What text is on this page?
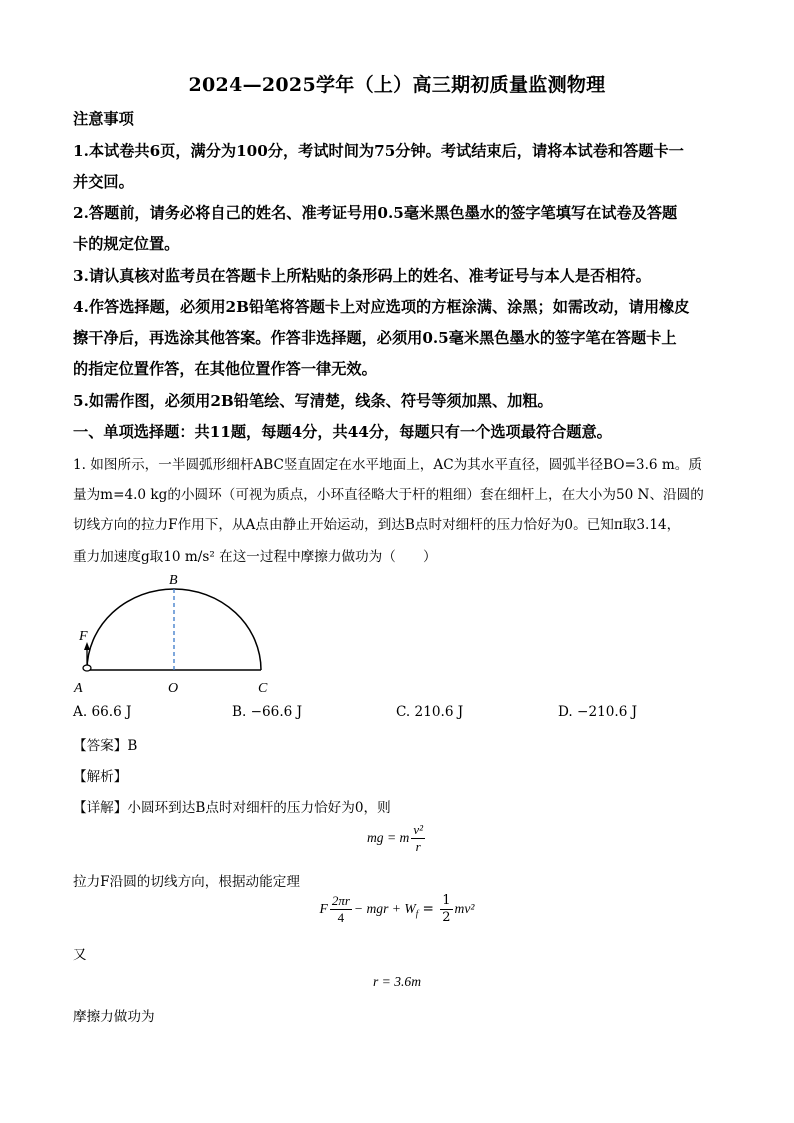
2024—2025学年（上）高三期初质量监测物理
注意事项
1.本试卷共6页，满分为100分，考试时间为75分钟。考试结束后，请将本试卷和答题卡一
并交回。
2.答题前，请务必将自己的姓名、准考证号用0.5毫米黑色墨水的签字笔填写在试卷及答题
卡的规定位置。
3.请认真核对监考员在答题卡上所粘贴的条形码上的姓名、准考证号与本人是否相符。
4.作答选择题，必须用2B铅笔将答题卡上对应选项的方框涂满、涂黑；如需改动，请用橡皮
擦干净后，再选涂其他答案。作答非选择题，必须用0.5毫米黑色墨水的签字笔在答题卡上
的指定位置作答，在其他位置作答一律无效。
5.如需作图，必须用2B铅笔绘、写清楚，线条、符号等须加黑、加粗。
一、单项选择题：共11题，每题4分，共44分，每题只有一个选项最符合题意。
1. 如图所示，一半圆弧形细杆ABC竖直固定在水平地面上，AC为其水平直径，圆弧半径BO=3.6 m。质
量为m=4.0 kg的小圆环（可视为质点，小环直径略大于杆的粗细）套在细杆上，在大小为50 N、沿圆的
切线方向的拉力F作用下，从A点由静止开始运动，到达B点时对细杆的压力恰好为0。已知π取3.14，
重力加速度g取10 m/s² 在这一过程中摩擦力做功为（　　）
F
B
A	O	C
A. 66.6 J	B. −66.6 J	C. 210.6 J	D. −210.6 J
【答案】B
【解析】
【详解】小圆环到达B点时对细杆的压力恰好为0，则
mg = m $\frac{\text{v²}}{r}$
拉力F沿圆的切线方向，根据动能定理
F $\frac{2\pi r}{4}$ − mgr + $W_f = \frac{1}{2} mv^2$
又
r = 3.6m
摩擦力做功为
